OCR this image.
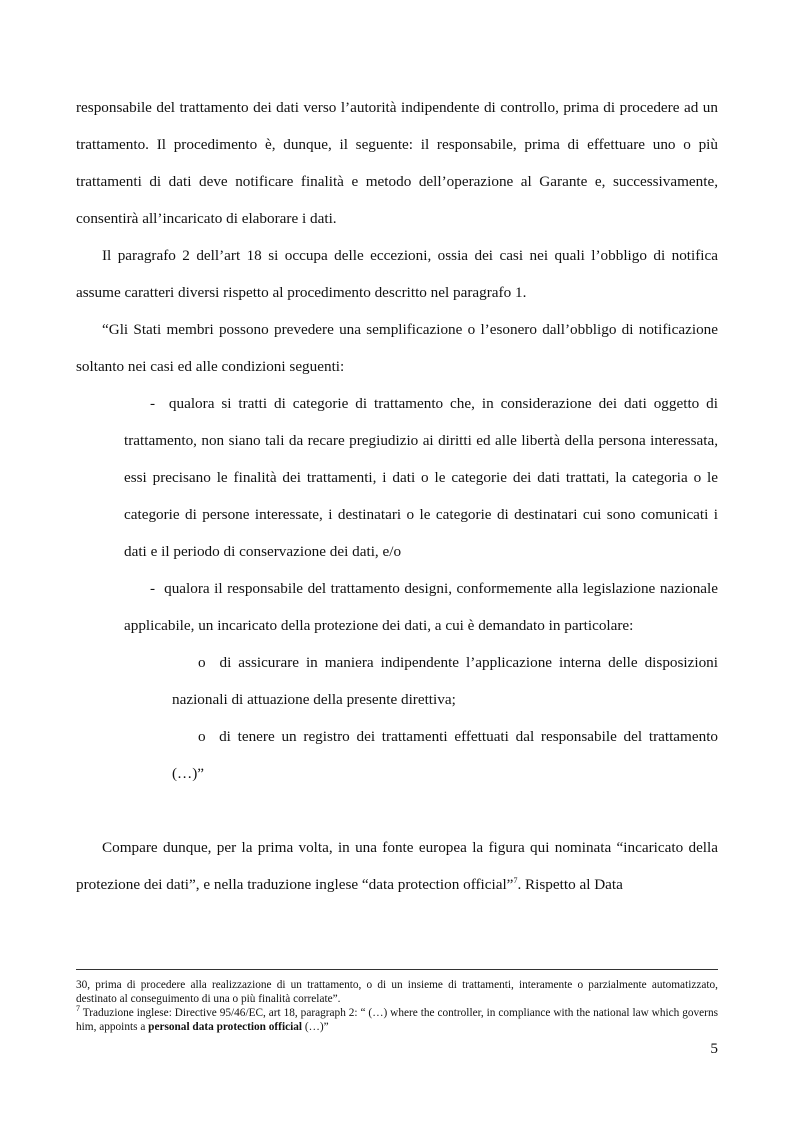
responsabile del trattamento dei dati verso l’autorità indipendente di controllo, prima di procedere ad un trattamento. Il procedimento è, dunque, il seguente: il responsabile, prima di effettuare uno o più trattamenti di dati deve notificare finalità e metodo dell’operazione al Garante e, successivamente, consentirà all’incaricato di elaborare i dati.

Il paragrafo 2 dell’art 18 si occupa delle eccezioni, ossia dei casi nei quali l’obbligo di notifica assume caratteri diversi rispetto al procedimento descritto nel paragrafo 1.

“Gli Stati membri possono prevedere una semplificazione o l’esonero dall’obbligo di notificazione soltanto nei casi ed alle condizioni seguenti:

- qualora si tratti di categorie di trattamento che, in considerazione dei dati oggetto di trattamento, non siano tali da recare pregiudizio ai diritti ed alle libertà della persona interessata, essi precisano le finalità dei trattamenti, i dati o le categorie dei dati trattati, la categoria o le categorie di persone interessate, i destinatari o le categorie di destinatari cui sono comunicati i dati e il periodo di conservazione dei dati, e/o

- qualora il responsabile del trattamento designi, conformemente alla legislazione nazionale applicabile, un incaricato della protezione dei dati, a cui è demandato in particolare:

o di assicurare in maniera indipendente l’applicazione interna delle disposizioni nazionali di attuazione della presente direttiva;

o di tenere un registro dei trattamenti effettuati dal responsabile del trattamento (…)”

Compare dunque, per la prima volta, in una fonte europea la figura qui nominata “incaricato della protezione dei dati”, e nella traduzione inglese “data protection official”$^7$. Rispetto al Data

30, prima di procedere alla realizzazione di un trattamento, o di un insieme di trattamenti, interamente o parzialmente automatizzato, destinato al conseguimento di una o più finalità correlate”.

$^7$ Traduzione inglese: Directive 95/46/EC, art 18, paragraph 2: “ (…) where the controller, in compliance with the national law which governs him, appoints a personal data protection official (…)”

5
